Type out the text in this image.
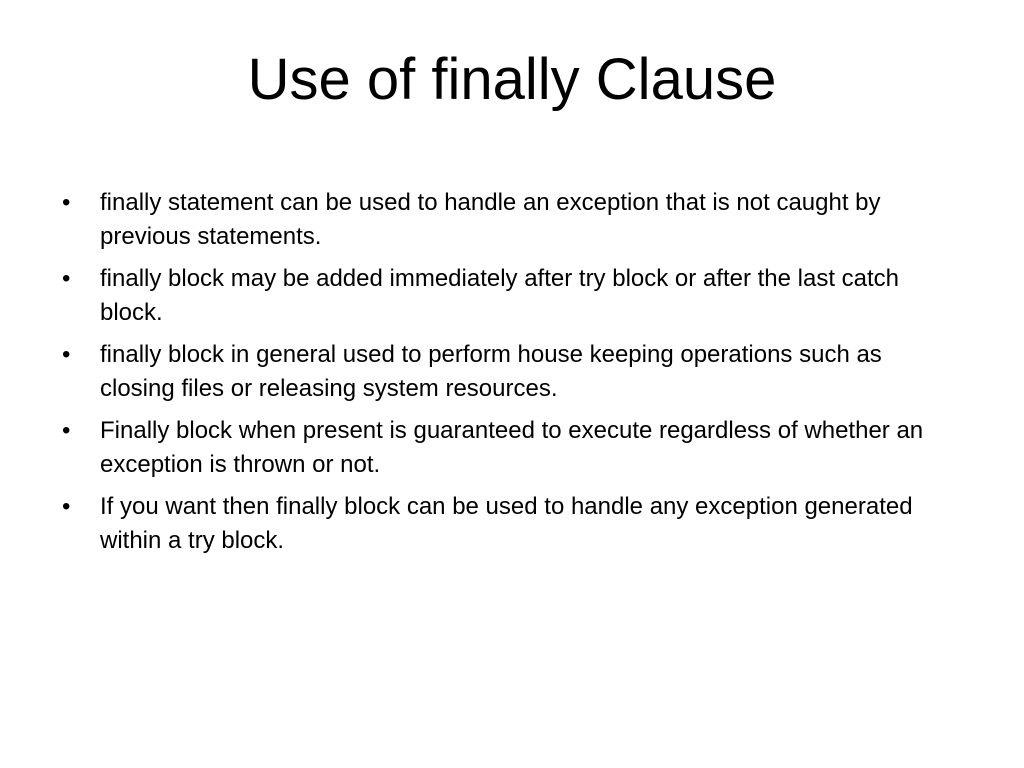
Use of finally Clause
•	finally statement can be used to handle an exception that is not caught by previous statements.
•	finally block may be added immediately after try block or after the last catch block.
•	finally block in general used to perform house keeping operations such as closing files or releasing system resources.
•	Finally block when present is guaranteed to execute regardless of whether an exception is thrown or not.
•	If you want then finally block can be used to handle any exception generated within a try block.
